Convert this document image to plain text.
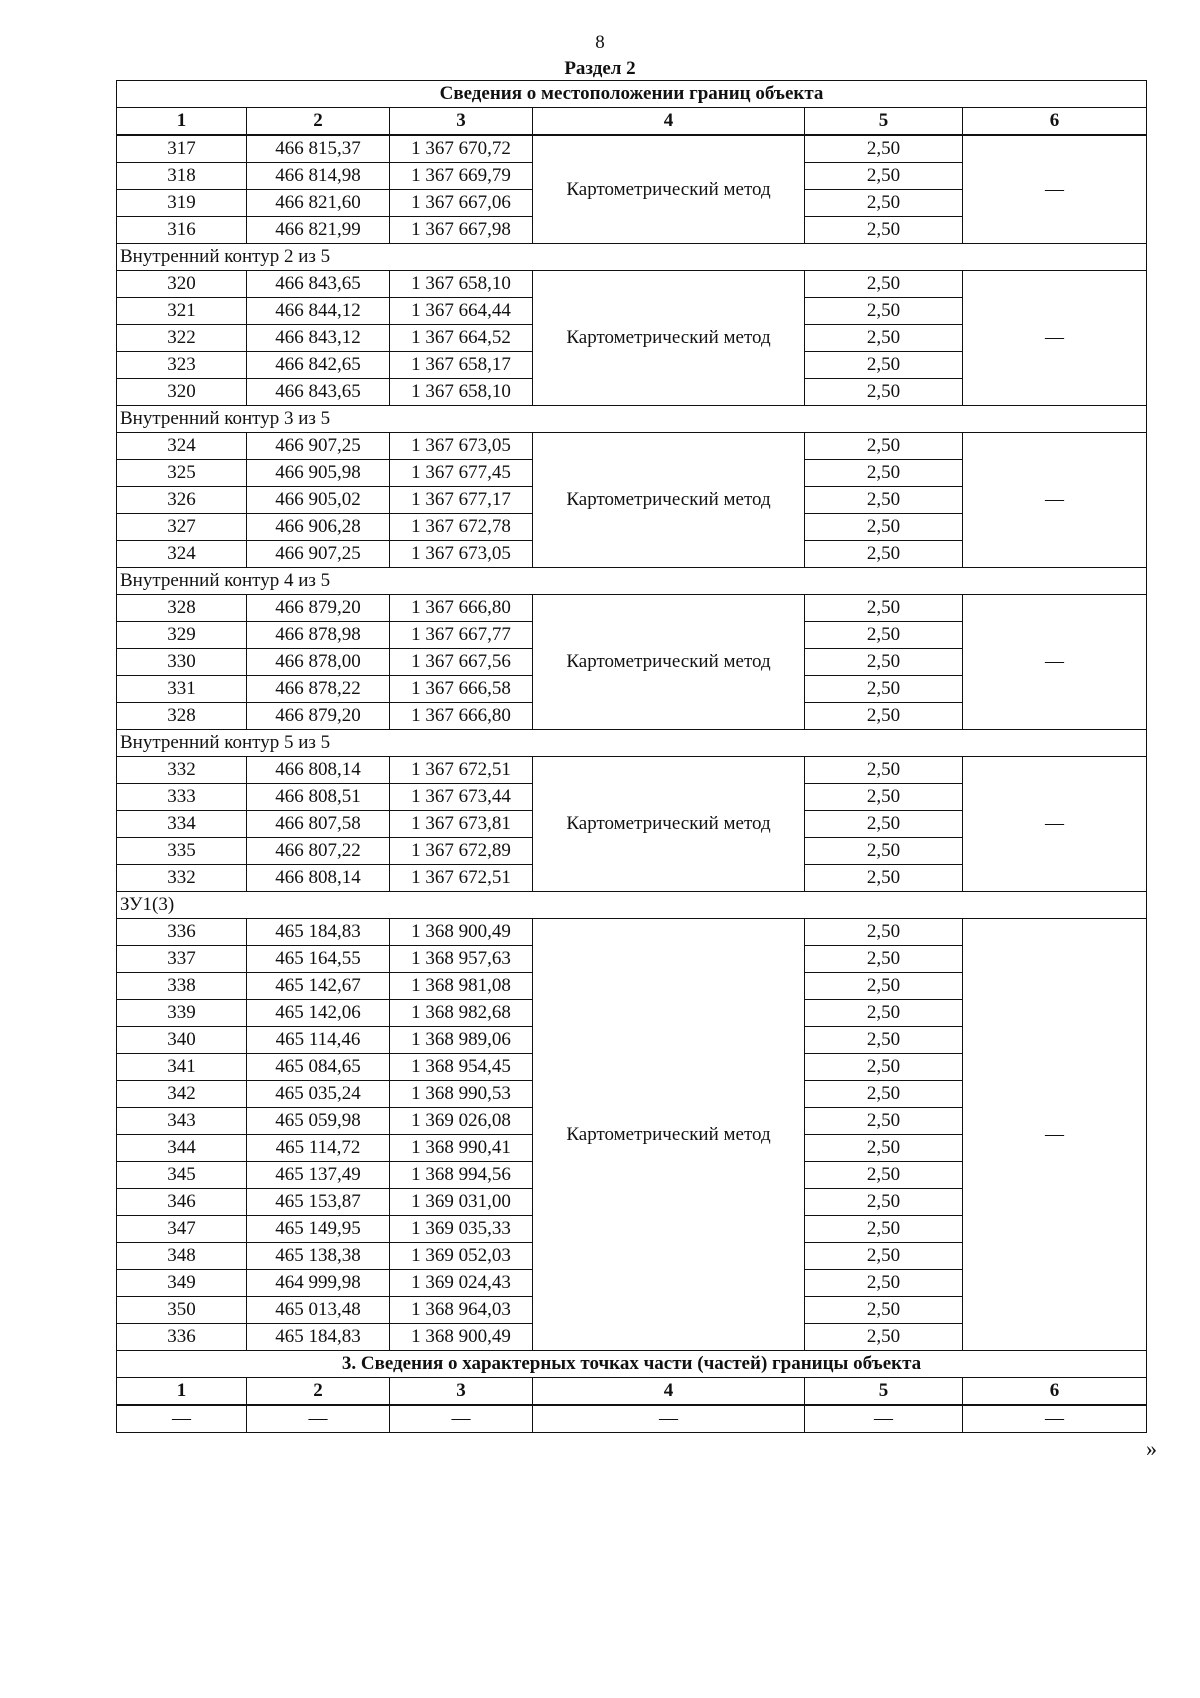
8
Раздел 2
Сведения о местоположении границ объекта					
1	2	3	4	5	6
317	466 815,37	1 367 670,72	Картометрический метод	2,50	—
318	466 814,98	1 367 669,79		2,50	
319	466 821,60	1 367 667,06		2,50	
316	466 821,99	1 367 667,98		2,50	
Внутренний контур 2 из 5					
320	466 843,65	1 367 658,10	Картометрический метод	2,50	—
321	466 844,12	1 367 664,44		2,50	
322	466 843,12	1 367 664,52		2,50	
323	466 842,65	1 367 658,17		2,50	
320	466 843,65	1 367 658,10		2,50	
Внутренний контур 3 из 5					
324	466 907,25	1 367 673,05	Картометрический метод	2,50	—
325	466 905,98	1 367 677,45		2,50	
326	466 905,02	1 367 677,17		2,50	
327	466 906,28	1 367 672,78		2,50	
324	466 907,25	1 367 673,05		2,50	
Внутренний контур 4 из 5					
328	466 879,20	1 367 666,80	Картометрический метод	2,50	—
329	466 878,98	1 367 667,77		2,50	
330	466 878,00	1 367 667,56		2,50	
331	466 878,22	1 367 666,58		2,50	
328	466 879,20	1 367 666,80		2,50	
Внутренний контур 5 из 5					
332	466 808,14	1 367 672,51	Картометрический метод	2,50	—
333	466 808,51	1 367 673,44		2,50	
334	466 807,58	1 367 673,81		2,50	
335	466 807,22	1 367 672,89		2,50	
332	466 808,14	1 367 672,51		2,50	
ЗУ1(3)					
336	465 184,83	1 368 900,49	Картометрический метод	2,50	—
337	465 164,55	1 368 957,63		2,50	
338	465 142,67	1 368 981,08		2,50	
339	465 142,06	1 368 982,68		2,50	
340	465 114,46	1 368 989,06		2,50	
341	465 084,65	1 368 954,45		2,50	
342	465 035,24	1 368 990,53		2,50	
343	465 059,98	1 369 026,08		2,50	
344	465 114,72	1 368 990,41		2,50	
345	465 137,49	1 368 994,56		2,50	
346	465 153,87	1 369 031,00		2,50	
347	465 149,95	1 369 035,33		2,50	
348	465 138,38	1 369 052,03		2,50	
349	464 999,98	1 369 024,43		2,50	
350	465 013,48	1 368 964,03		2,50	
336	465 184,83	1 368 900,49		2,50	
3. Сведения о характерных точках части (частей) границы объекта					
1	2	3	4	5	6
—	—	—	—	—	—
»
